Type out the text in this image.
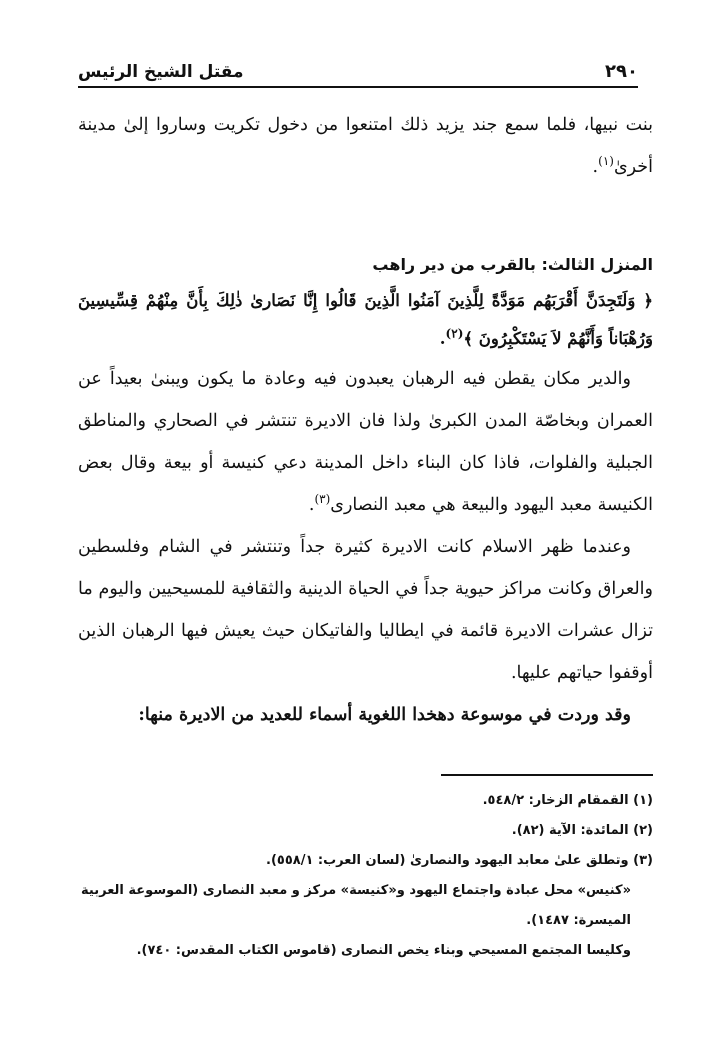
٢٩٠
مقتل الشيخ الرئيس

بنت نبيها، فلما سمع جند يزيد ذلك امتنعوا من دخول تكريت وساروا إلىٰ مدينة أخرىٰ$^{(١)}$.

المنزل الثالث: بالقرب من دير راهب

﴿ وَلَتَجِدَنَّ أَقْرَبَهُم مَوَدَّةً لِلَّذِينَ آمَنُوا الَّذِينَ قَالُوا إِنَّا نَصَارىٰ ذٰلِكَ بِأَنَّ مِنْهُمْ قِسِّيسِينَ وَرُهْبَاناً وَأَنَّهُمْ لاَ يَسْتَكْبِرُونَ ﴾$^{(٢)}$.

والدير مكان يقطن فيه الرهبان يعبدون فيه وعادة ما يكون ويبنىٰ بعيداً عن العمران وبخاصّة المدن الكبرىٰ ولذا فان الاديرة تنتشر في الصحاري والمناطق الجبلية والفلوات، فاذا كان البناء داخل المدينة دعي كنيسة أو بيعة وقال بعض الكنيسة معبد اليهود والبيعة هي معبد النصارى$^{(٣)}$.

وعندما ظهر الاسلام كانت الاديرة كثيرة جداً وتنتشر في الشام وفلسطين والعراق وكانت مراكز حيوية جداً في الحياة الدينية والثقافية للمسيحيين واليوم ما تزال عشرات الاديرة قائمة في ايطاليا والفاتيكان حيث يعيش فيها الرهبان الذين أوقفوا حياتهم عليها.

وقد وردت في موسوعة دهخدا اللغوية أسماء للعديد من الاديرة منها:

(١) القمقام الزخار: ٥٤٨/٢.

(٢) المائدة: الآية (٨٢).

(٣) وتطلق علىٰ معابد اليهود والنصارىٰ (لسان العرب: ٥٥٨/١).

«كنيس» محل عبادة واجتماع اليهود و«كنيسة» مركز و معبد النصارى (الموسوعة العربية الميسرة: ١٤٨٧).

وكليسا المجتمع المسيحي وبناء يخص النصارى (قاموس الكتاب المقدس: ٧٤٠).
